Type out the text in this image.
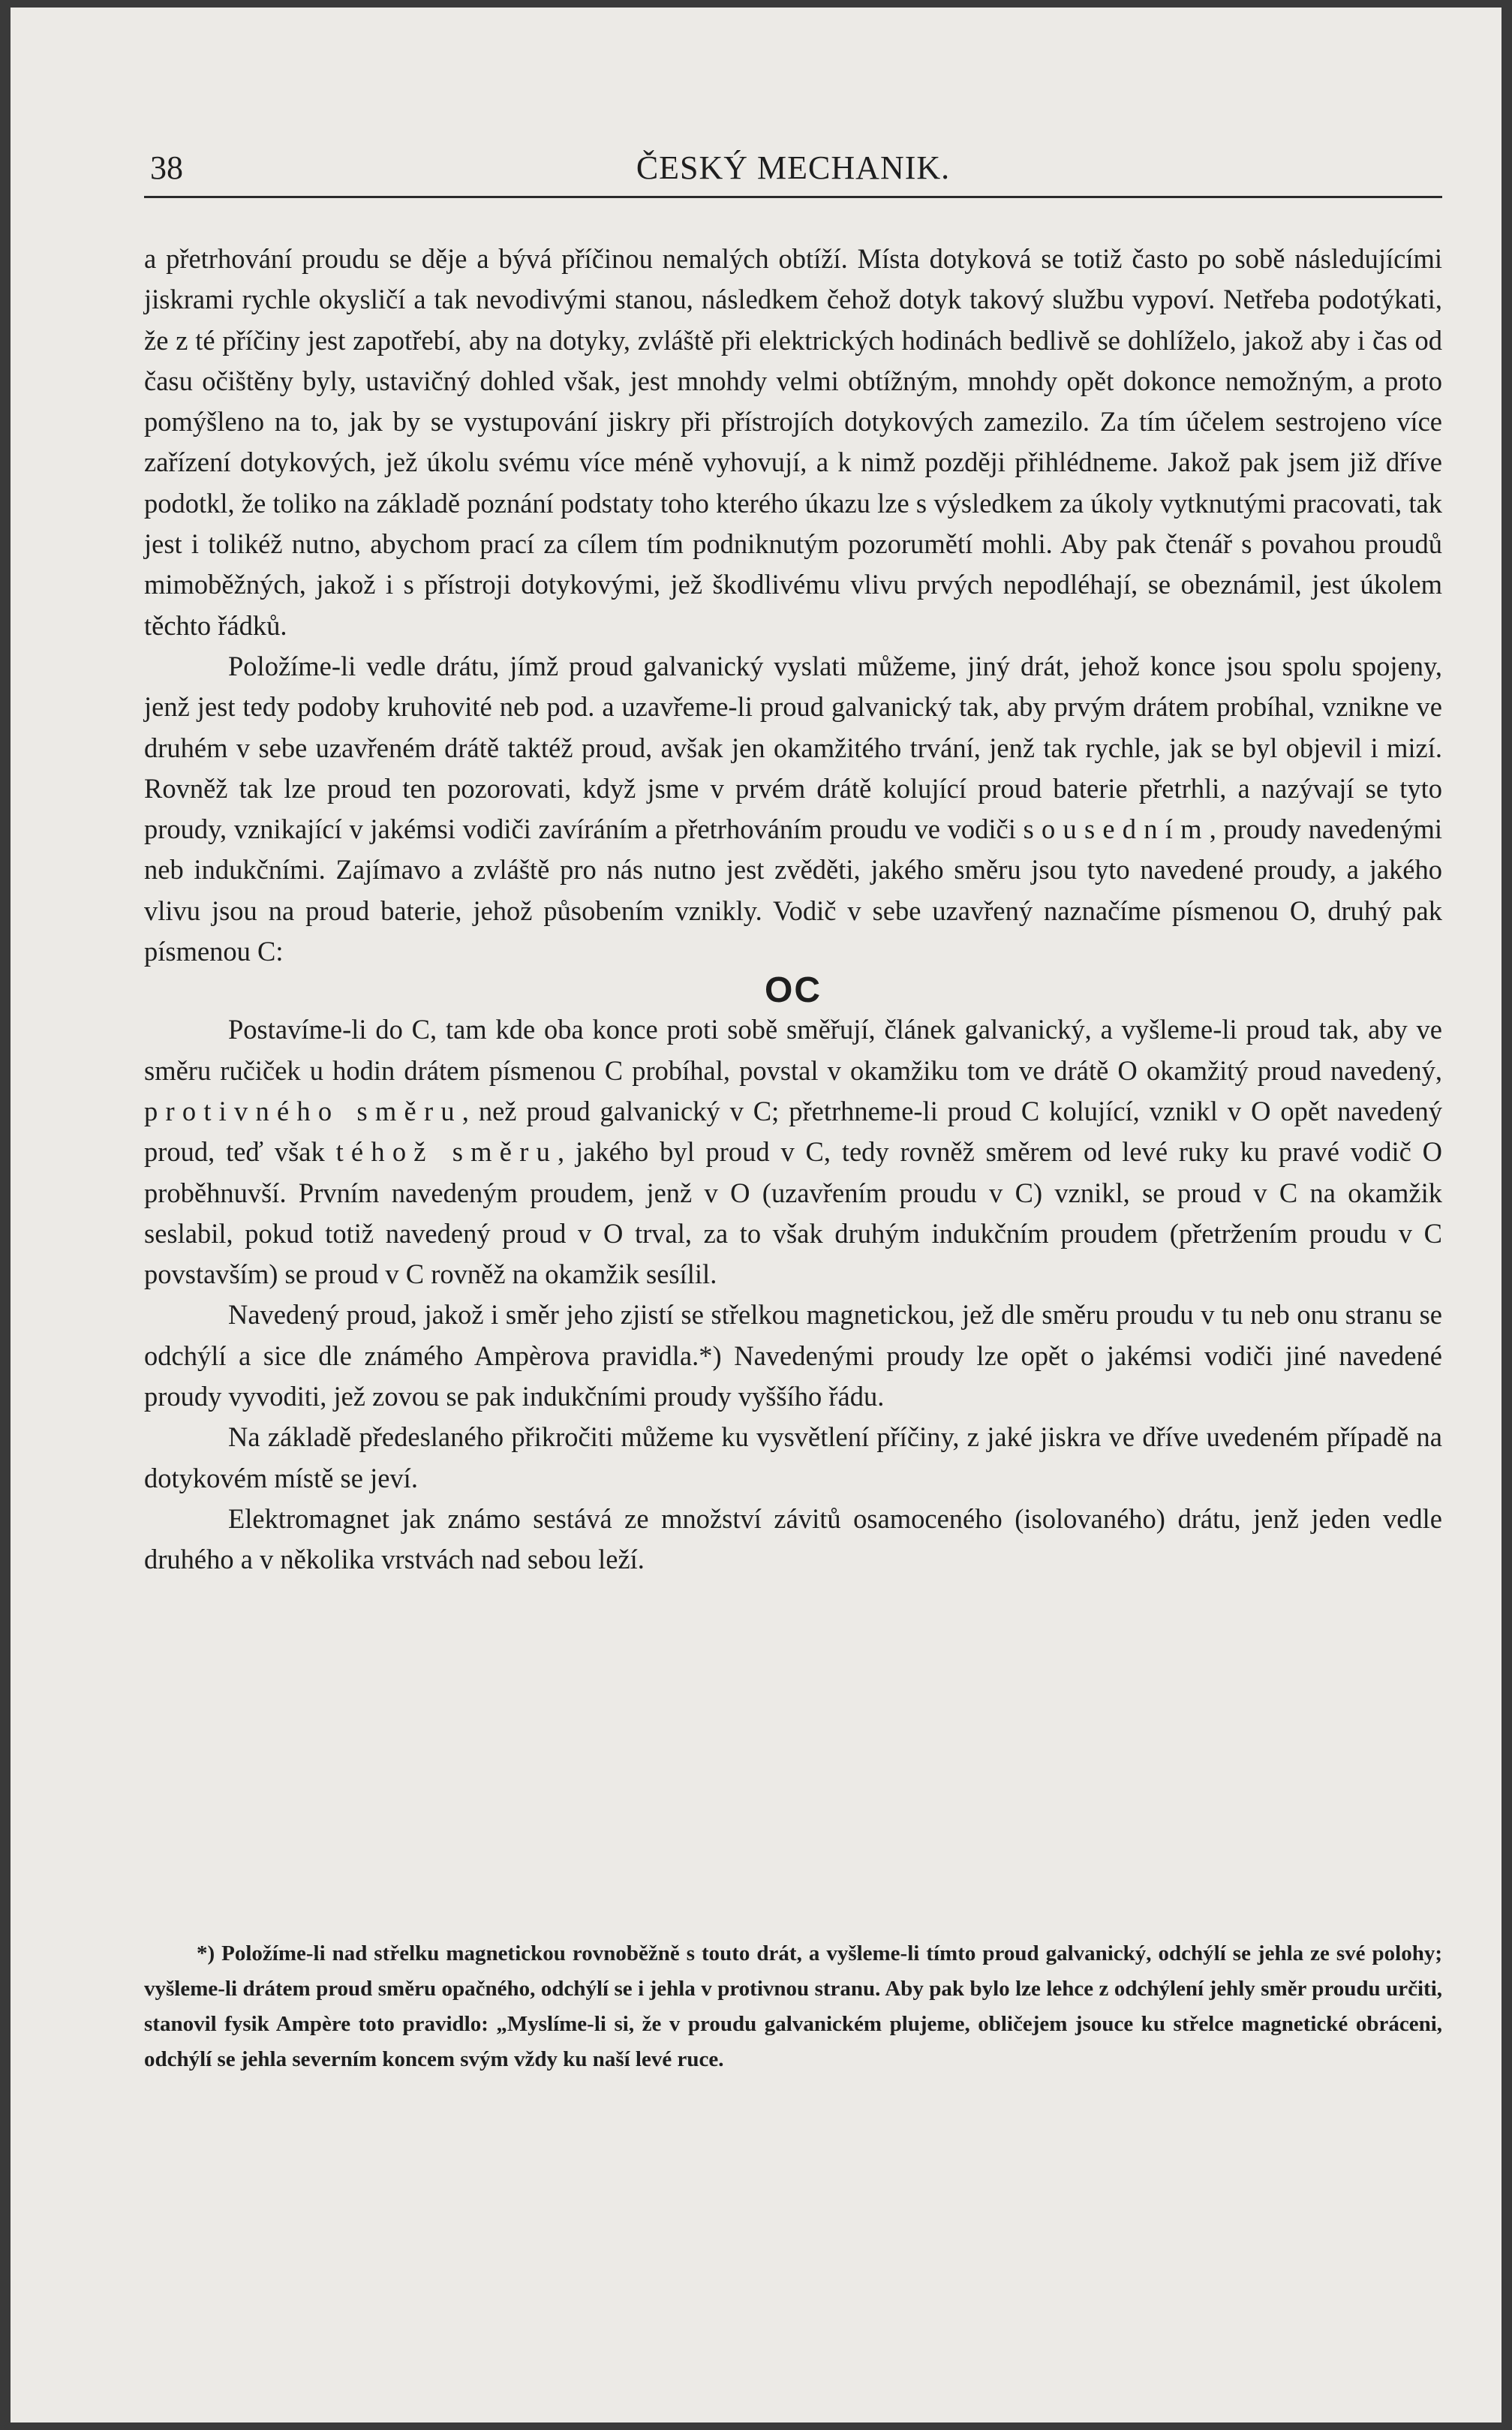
38	ČESKÝ MECHANIK.

a přetrhování proudu se děje a bývá příčinou nemalých obtíží. Místa dotyková se totiž často po sobě následujícími jiskrami rychle okysličí a tak nevodivými stanou, následkem čehož dotyk takový službu vypoví. Netřeba podotýkati, že z té příčiny jest zapotřebí, aby na dotyky, zvláště při elektrických hodinách bedlivě se dohlíželo, jakož aby i čas od času očištěny byly, ustavičný dohled však, jest mnohdy velmi obtížným, mnohdy opět dokonce nemožným, a proto pomýšleno na to, jak by se vystupování jiskry při přístrojích dotykových zamezilo. Za tím účelem sestrojeno více zařízení dotykových, jež úkolu svému více méně vyhovují, a k nimž později přihlédneme. Jakož pak jsem již dříve podotkl, že toliko na základě poznání podstaty toho kterého úkazu lze s výsledkem za úkoly vytknutými pracovati, tak jest i tolikéž nutno, abychom prací za cílem tím podniknutým pozorumětí mohli. Aby pak čtenář s povahou proudů mimoběžných, jakož i s přístroji dotykovými, jež škodlivému vlivu prvých nepodléhají, se obeznámil, jest úkolem těchto řádků.

Položíme-li vedle drátu, jímž proud galvanický vyslati můžeme, jiný drát, jehož konce jsou spolu spojeny, jenž jest tedy podoby kruhovité neb pod. a uzavřeme-li proud galvanický tak, aby prvým drátem probíhal, vznikne ve druhém v sebe uzavřeném drátě taktéž proud, avšak jen okamžitého trvání, jenž tak rychle, jak se byl objevil i mizí. Rovněž tak lze proud ten pozorovati, když jsme v prvém drátě kolující proud baterie přetrhli, a nazývají se tyto proudy, vznikající v jakémsi vodiči zavíráním a přetrhováním proudu ve vodiči sousedním, proudy navedenými neb indukčními. Zajímavo a zvláště pro nás nutno jest zvěděti, jakého směru jsou tyto navedené proudy, a jakého vlivu jsou na proud baterie, jehož působením vznikly. Vodič v sebe uzavřený naznačíme písmenou O, druhý pak písmenou C:

OC

Postavíme-li do C, tam kde oba konce proti sobě směřují, článek galvanický, a vyšleme-li proud tak, aby ve směru ručiček u hodin drátem písmenou C probíhal, povstal v okamžiku tom ve drátě O okamžitý proud navedený, protivného směru, než proud galvanický v C; přetrhneme-li proud C kolující, vznikl v O opět navedený proud, teď však téhož směru, jakého byl proud v C, tedy rovněž směrem od levé ruky ku pravé vodič O proběhnuvší. Prvním navedeným proudem, jenž v O (uzavřením proudu v C) vznikl, se proud v C na okamžik seslabil, pokud totiž navedený proud v O trval, za to však druhým indukčním proudem (přetržením proudu v C povstavším) se proud v C rovněž na okamžik sesílil.

Navedený proud, jakož i směr jeho zjistí se střelkou magnetickou, jež dle směru proudu v tu neb onu stranu se odchýlí a sice dle známého Ampèrova pravidla.*) Navedenými proudy lze opět o jakémsi vodiči jiné navedené proudy vyvoditi, jež zovou se pak indukčními proudy vyššího řádu.

Na základě předeslaného přikročiti můžeme ku vysvětlení příčiny, z jaké jiskra ve dříve uvedeném případě na dotykovém místě se jeví.

Elektromagnet jak známo sestává ze množství závitů osamoceného (isolovaného) drátu, jenž jeden vedle druhého a v několika vrstvách nad sebou leží.

*) Položíme-li nad střelku magnetickou rovnoběžně s touto drát, a vyšleme-li tímto proud galvanický, odchýlí se jehla ze své polohy; vyšleme-li drátem proud směru opačného, odchýlí se i jehla v protivnou stranu. Aby pak bylo lze lehce z odchýlení jehly směr proudu určiti, stanovil fysik Ampère toto pravidlo: „Myslíme-li si, že v proudu galvanickém plujeme, obličejem jsouce ku střelce magnetické obráceni, odchýlí se jehla severním koncem svým vždy ku naší levé ruce.
